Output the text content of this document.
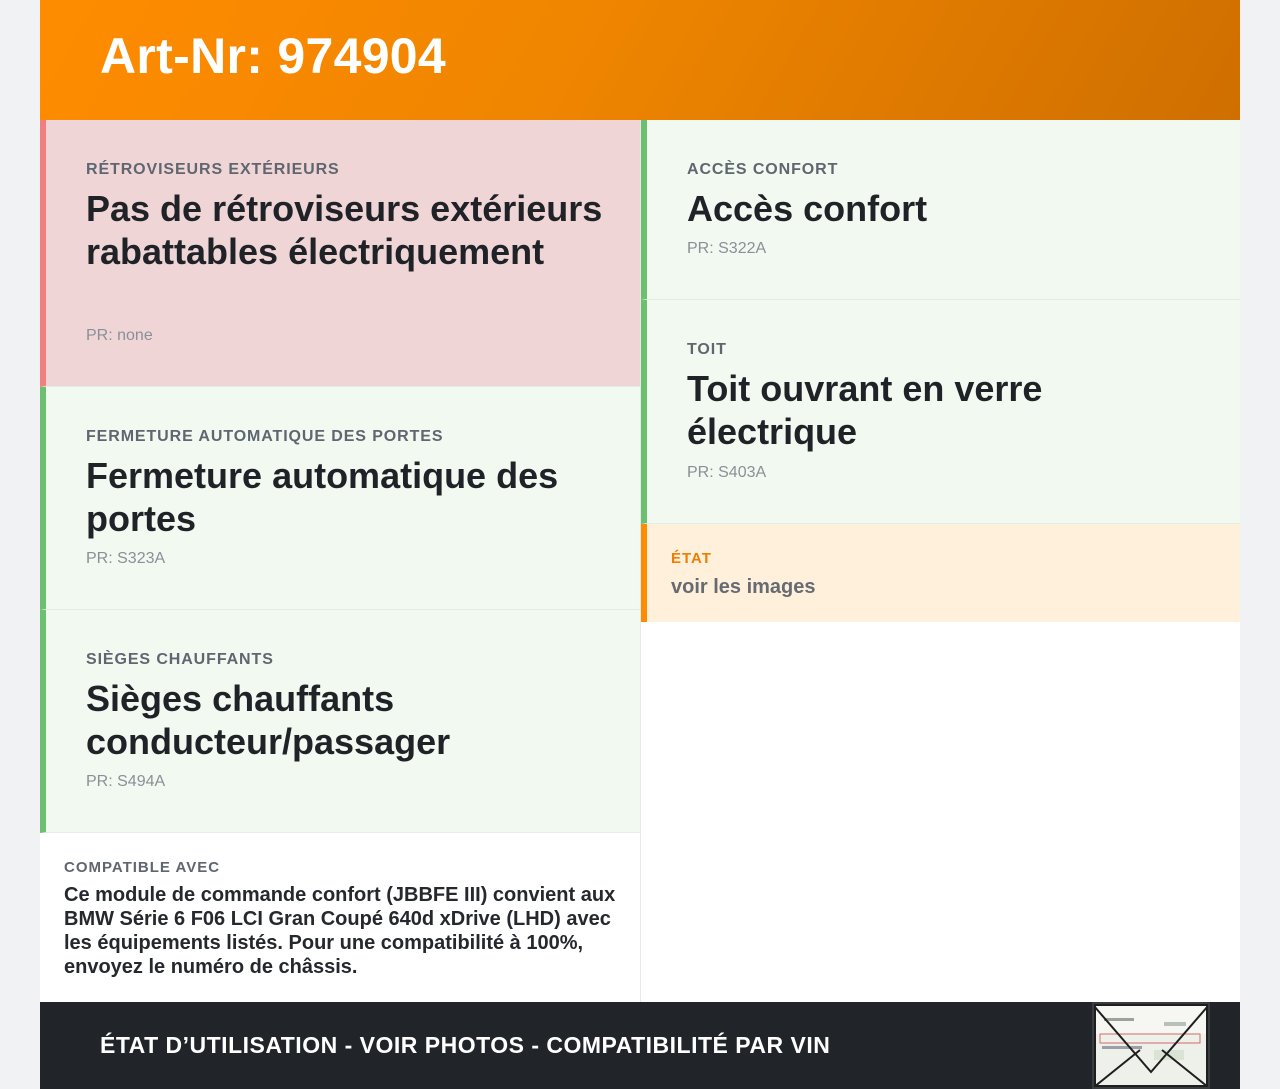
Art-Nr: 974904
RÉTROVISEURS EXTÉRIEURS
Pas de rétroviseurs extérieurs rabattables électriquement
PR: none
FERMETURE AUTOMATIQUE DES PORTES
Fermeture automatique des portes
PR: S323A
SIÈGES CHAUFFANTS
Sièges chauffants conducteur/passager
PR: S494A
COMPATIBLE AVEC
Ce module de commande confort (JBBFE III) convient aux BMW Série 6 F06 LCI Gran Coupé 640d xDrive (LHD) avec les équipements listés. Pour une compatibilité à 100%, envoyez le numéro de châssis.
ACCÈS CONFORT
Accès confort
PR: S322A
TOIT
Toit ouvrant en verre électrique
PR: S403A
ÉTAT
voir les images
ÉTAT D’UTILISATION - VOIR PHOTOS - COMPATIBILITÉ PAR VIN
